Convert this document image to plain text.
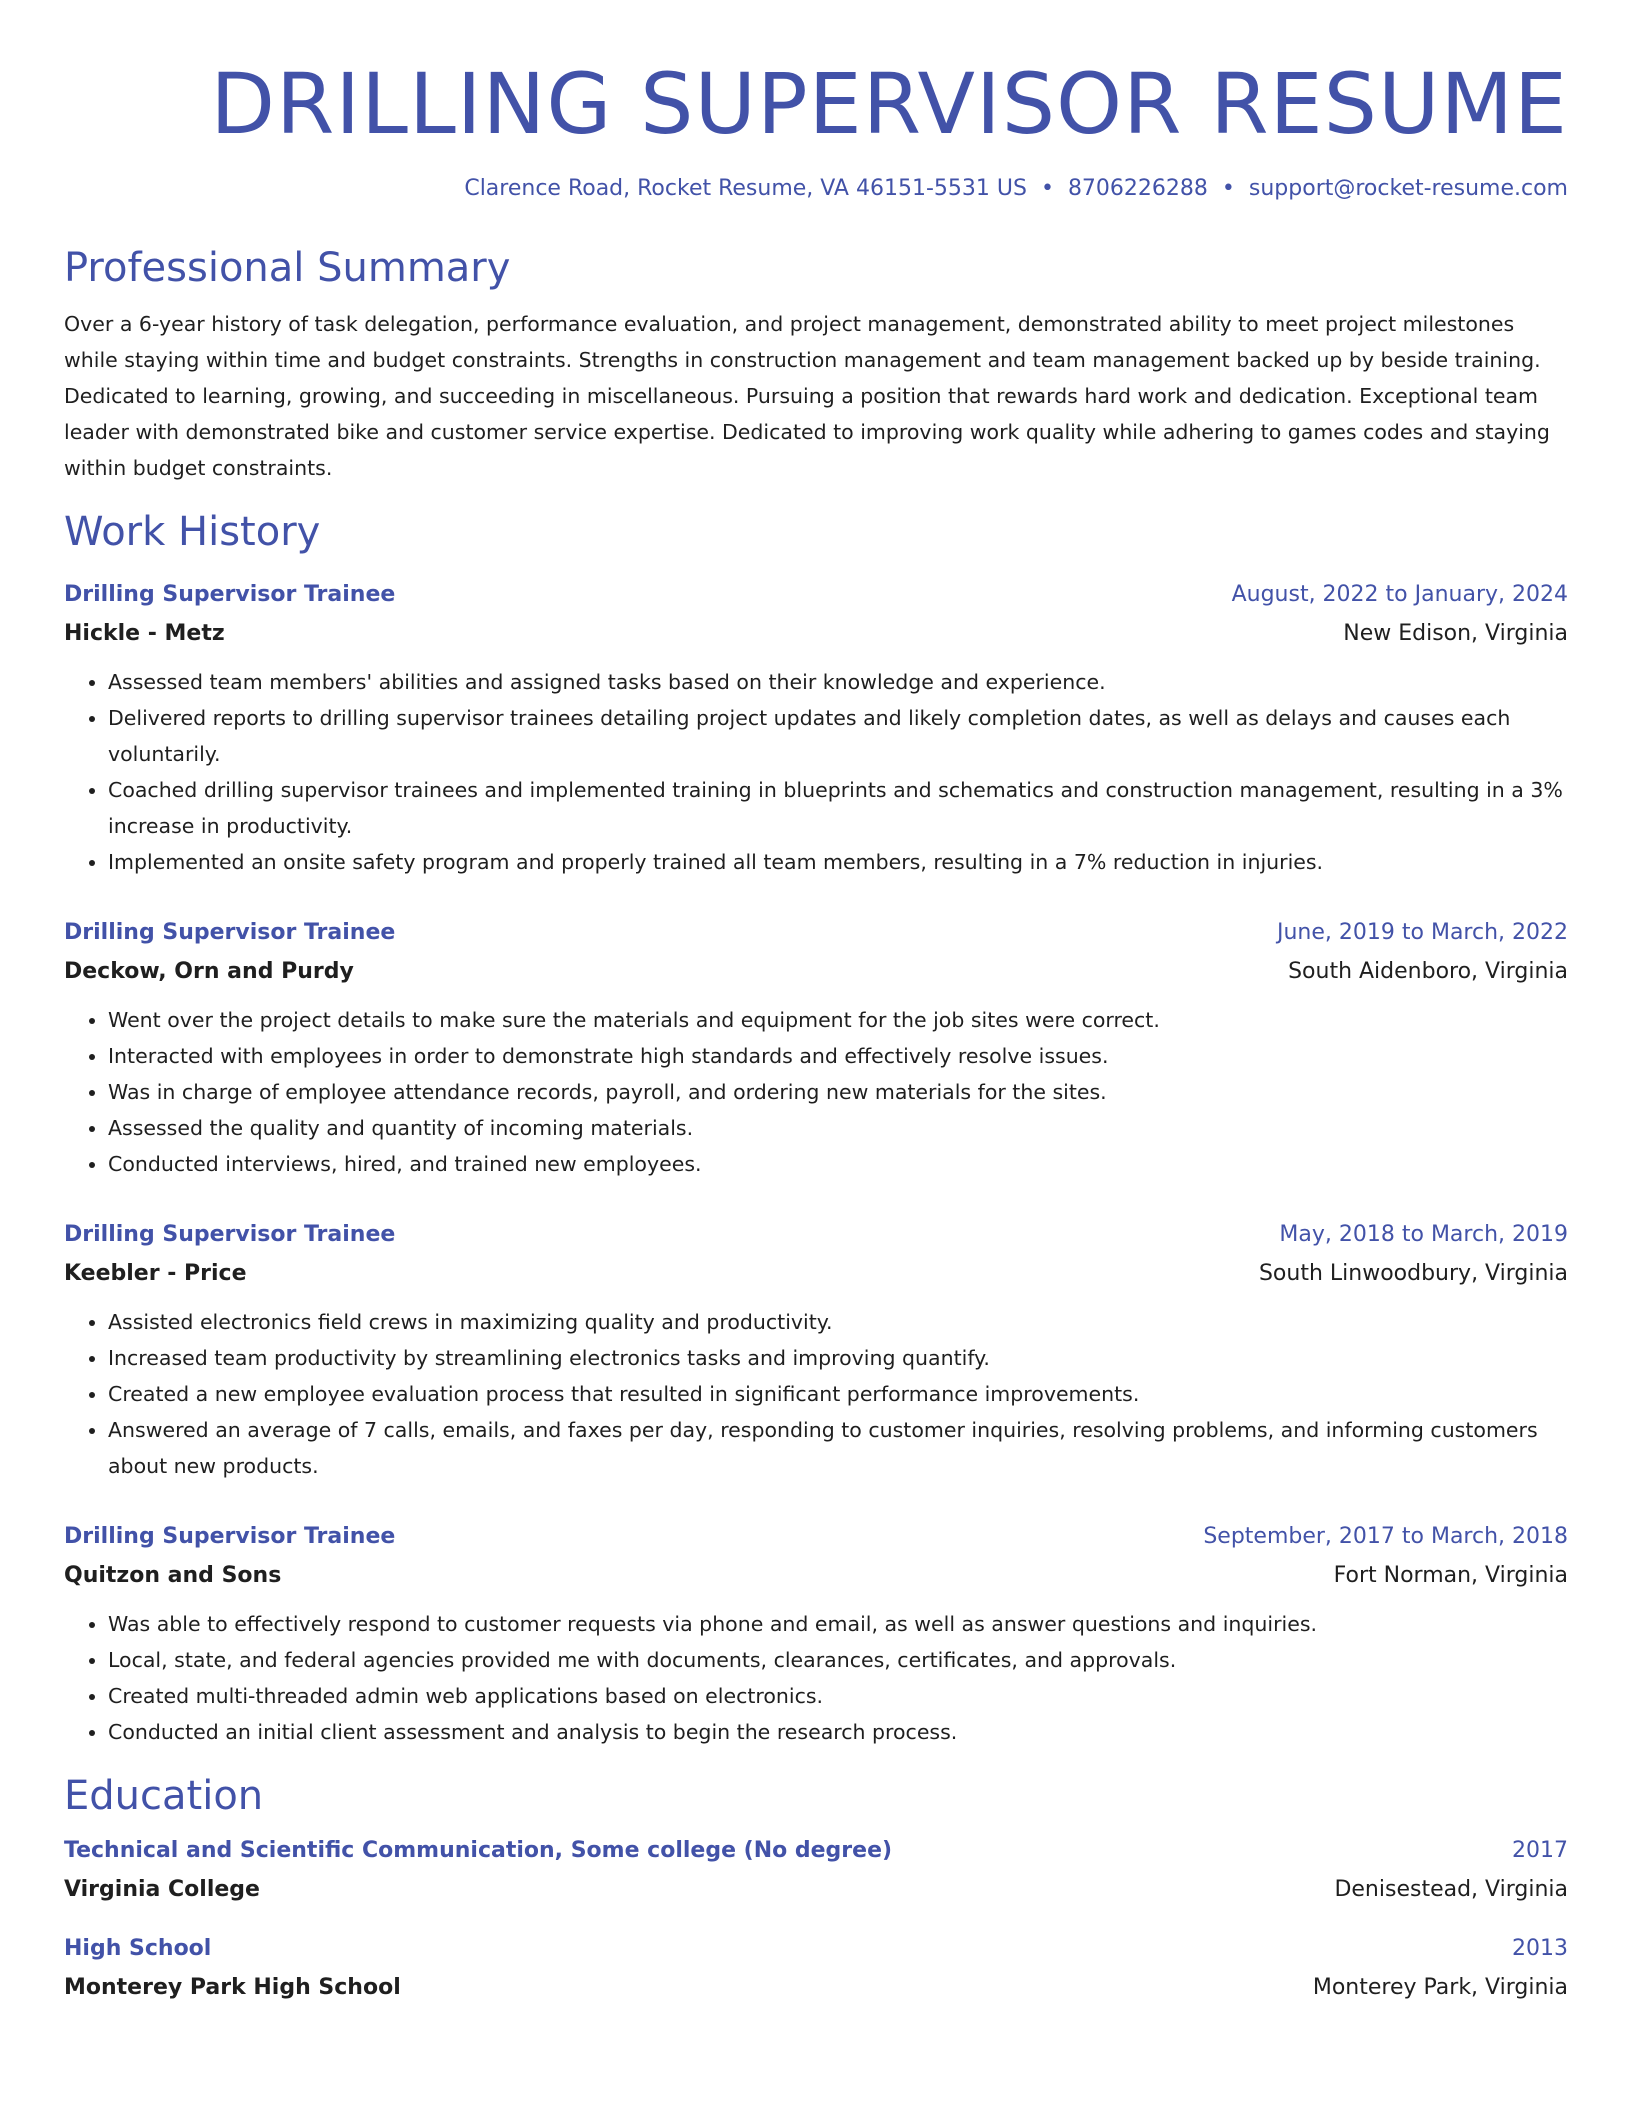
DRILLING SUPERVISOR RESUME
Clarence Road, Rocket Resume, VA 46151-5531 US • 8706226288 • support@rocket-resume.com
Professional Summary
Over a 6-year history of task delegation, performance evaluation, and project management, demonstrated ability to meet project milestones while staying within time and budget constraints. Strengths in construction management and team management backed up by beside training. Dedicated to learning, growing, and succeeding in miscellaneous. Pursuing a position that rewards hard work and dedication. Exceptional team leader with demonstrated bike and customer service expertise. Dedicated to improving work quality while adhering to games codes and staying within budget constraints.
Work History
Drilling Supervisor Trainee	August, 2022 to January, 2024
Hickle - Metz	New Edison, Virginia
• Assessed team members' abilities and assigned tasks based on their knowledge and experience.
• Delivered reports to drilling supervisor trainees detailing project updates and likely completion dates, as well as delays and causes each voluntarily.
• Coached drilling supervisor trainees and implemented training in blueprints and schematics and construction management, resulting in a 3% increase in productivity.
• Implemented an onsite safety program and properly trained all team members, resulting in a 7% reduction in injuries.
Drilling Supervisor Trainee	June, 2019 to March, 2022
Deckow, Orn and Purdy	South Aidenboro, Virginia
• Went over the project details to make sure the materials and equipment for the job sites were correct.
• Interacted with employees in order to demonstrate high standards and effectively resolve issues.
• Was in charge of employee attendance records, payroll, and ordering new materials for the sites.
• Assessed the quality and quantity of incoming materials.
• Conducted interviews, hired, and trained new employees.
Drilling Supervisor Trainee	May, 2018 to March, 2019
Keebler - Price	South Linwoodbury, Virginia
• Assisted electronics field crews in maximizing quality and productivity.
• Increased team productivity by streamlining electronics tasks and improving quantify.
• Created a new employee evaluation process that resulted in significant performance improvements.
• Answered an average of 7 calls, emails, and faxes per day, responding to customer inquiries, resolving problems, and informing customers about new products.
Drilling Supervisor Trainee	September, 2017 to March, 2018
Quitzon and Sons	Fort Norman, Virginia
• Was able to effectively respond to customer requests via phone and email, as well as answer questions and inquiries.
• Local, state, and federal agencies provided me with documents, clearances, certificates, and approvals.
• Created multi-threaded admin web applications based on electronics.
• Conducted an initial client assessment and analysis to begin the research process.
Education
Technical and Scientific Communication, Some college (No degree)	2017
Virginia College	Denisestead, Virginia
High School	2013
Monterey Park High School	Monterey Park, Virginia
